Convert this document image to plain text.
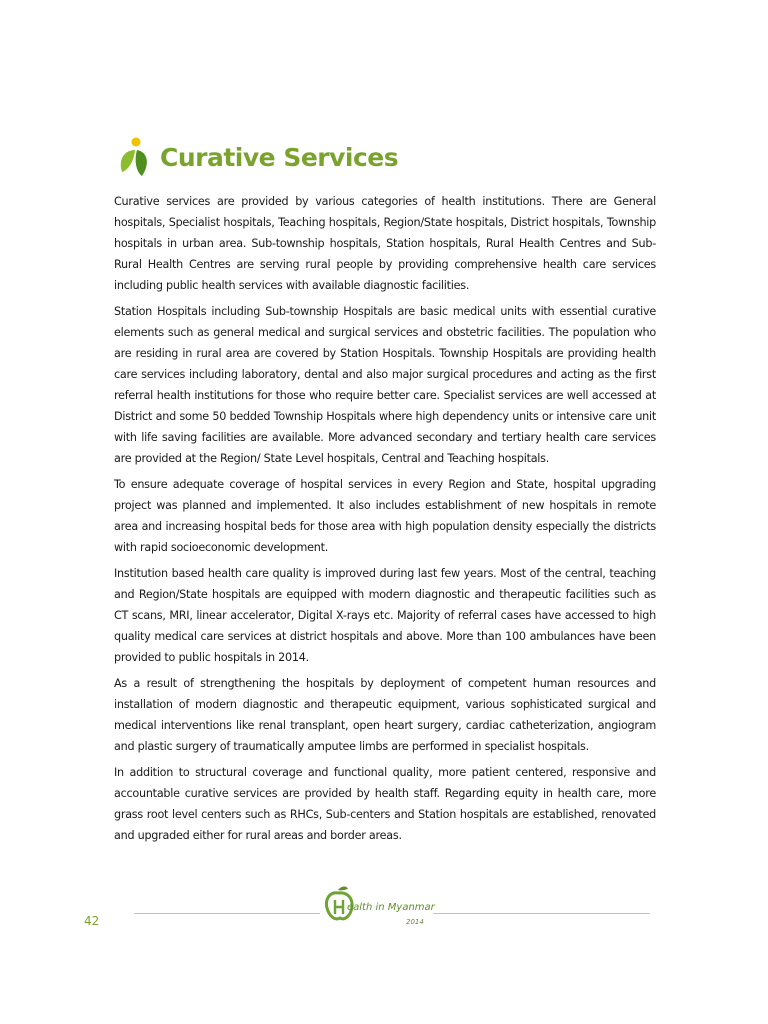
Curative Services

Curative services are provided by various categories of health institutions. There are General hospitals, Specialist hospitals, Teaching hospitals, Region/State hospitals, District hospitals, Township hospitals in urban area. Sub-township hospitals, Station hospitals, Rural Health Centres and Sub-Rural Health Centres are serving rural people by providing comprehensive health care services including public health services with available diagnostic facilities.

Station Hospitals including Sub-township Hospitals are basic medical units with essential curative elements such as general medical and surgical services and obstetric facilities. The population who are residing in rural area are covered by Station Hospitals. Township Hospitals are providing health care services including laboratory, dental and also major surgical procedures and acting as the first referral health institutions for those who require better care. Specialist services are well accessed at District and some 50 bedded Township Hospitals where high dependency units or intensive care unit with life saving facilities are available. More advanced secondary and tertiary health care services are provided at the Region/ State Level hospitals, Central and Teaching hospitals.

To ensure adequate coverage of hospital services in every Region and State, hospital upgrading project was planned and implemented. It also includes establishment of new hospitals in remote area and increasing hospital beds for those area with high population density especially the districts with rapid socioeconomic development.

Institution based health care quality is improved during last few years. Most of the central, teaching and Region/State hospitals are equipped with modern diagnostic and therapeutic facilities such as CT scans, MRI, linear accelerator, Digital X-rays etc. Majority of referral cases have accessed to high quality medical care services at district hospitals and above. More than 100 ambulances have been provided to public hospitals in 2014.

As a result of strengthening the hospitals by deployment of competent human resources and installation of modern diagnostic and therapeutic equipment, various sophisticated surgical and medical interventions like renal transplant, open heart surgery, cardiac catheterization, angiogram and plastic surgery of traumatically amputee limbs are performed in specialist hospitals.

In addition to structural coverage and functional quality, more patient centered, responsive and accountable curative services are provided by health staff. Regarding equity in health care, more grass root level centers such as RHCs, Sub-centers and Station hospitals are established, renovated and upgraded either for rural areas and border areas.

42
ealth in Myanmar
2014
